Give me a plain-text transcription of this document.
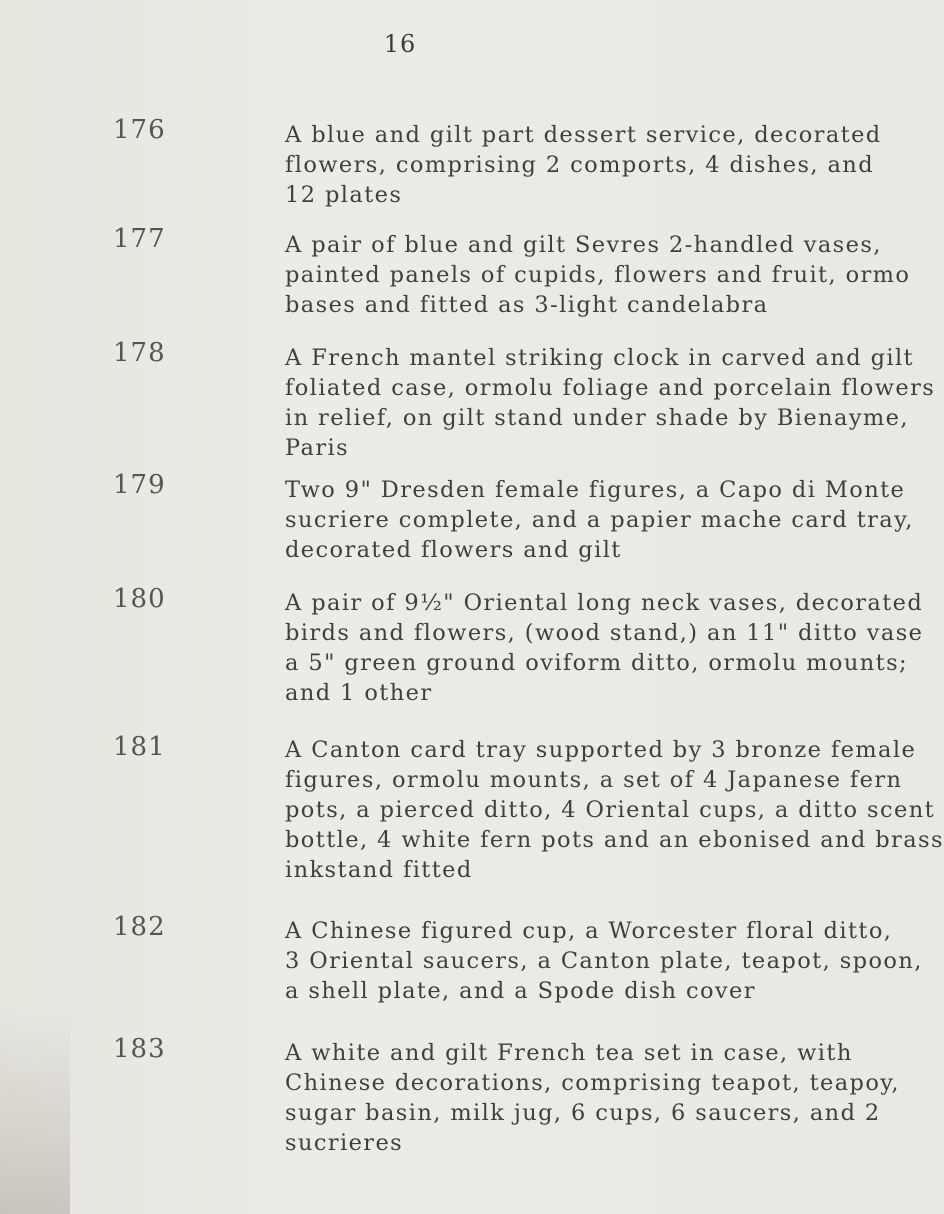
16
176	A blue and gilt part dessert service, decorated
flowers, comprising 2 comports, 4 dishes, and
12 plates
177	A pair of blue and gilt Sevres 2-handled vases,
painted panels of cupids, flowers and fruit, ormo
bases and fitted as 3-light candelabra
178	A French mantel striking clock in carved and gilt
foliated case, ormolu foliage and porcelain flowers
in relief, on gilt stand under shade by Bienayme,
Paris
179	Two 9" Dresden female figures, a Capo di Monte
sucriere complete, and a papier mache card tray,
decorated flowers and gilt
180	A pair of 9½" Oriental long neck vases, decorated
birds and flowers, (wood stand,) an 11" ditto vase
a 5" green ground oviform ditto, ormolu mounts;
and 1 other
181	A Canton card tray supported by 3 bronze female
figures, ormolu mounts, a set of 4 Japanese fern
pots, a pierced ditto, 4 Oriental cups, a ditto scent
bottle, 4 white fern pots and an ebonised and brass
inkstand fitted
182	A Chinese figured cup, a Worcester floral ditto,
3 Oriental saucers, a Canton plate, teapot, spoon,
a shell plate, and a Spode dish cover
183	A white and gilt French tea set in case, with
Chinese decorations, comprising teapot, teapoy,
sugar basin, milk jug, 6 cups, 6 saucers, and 2
sucrieres
